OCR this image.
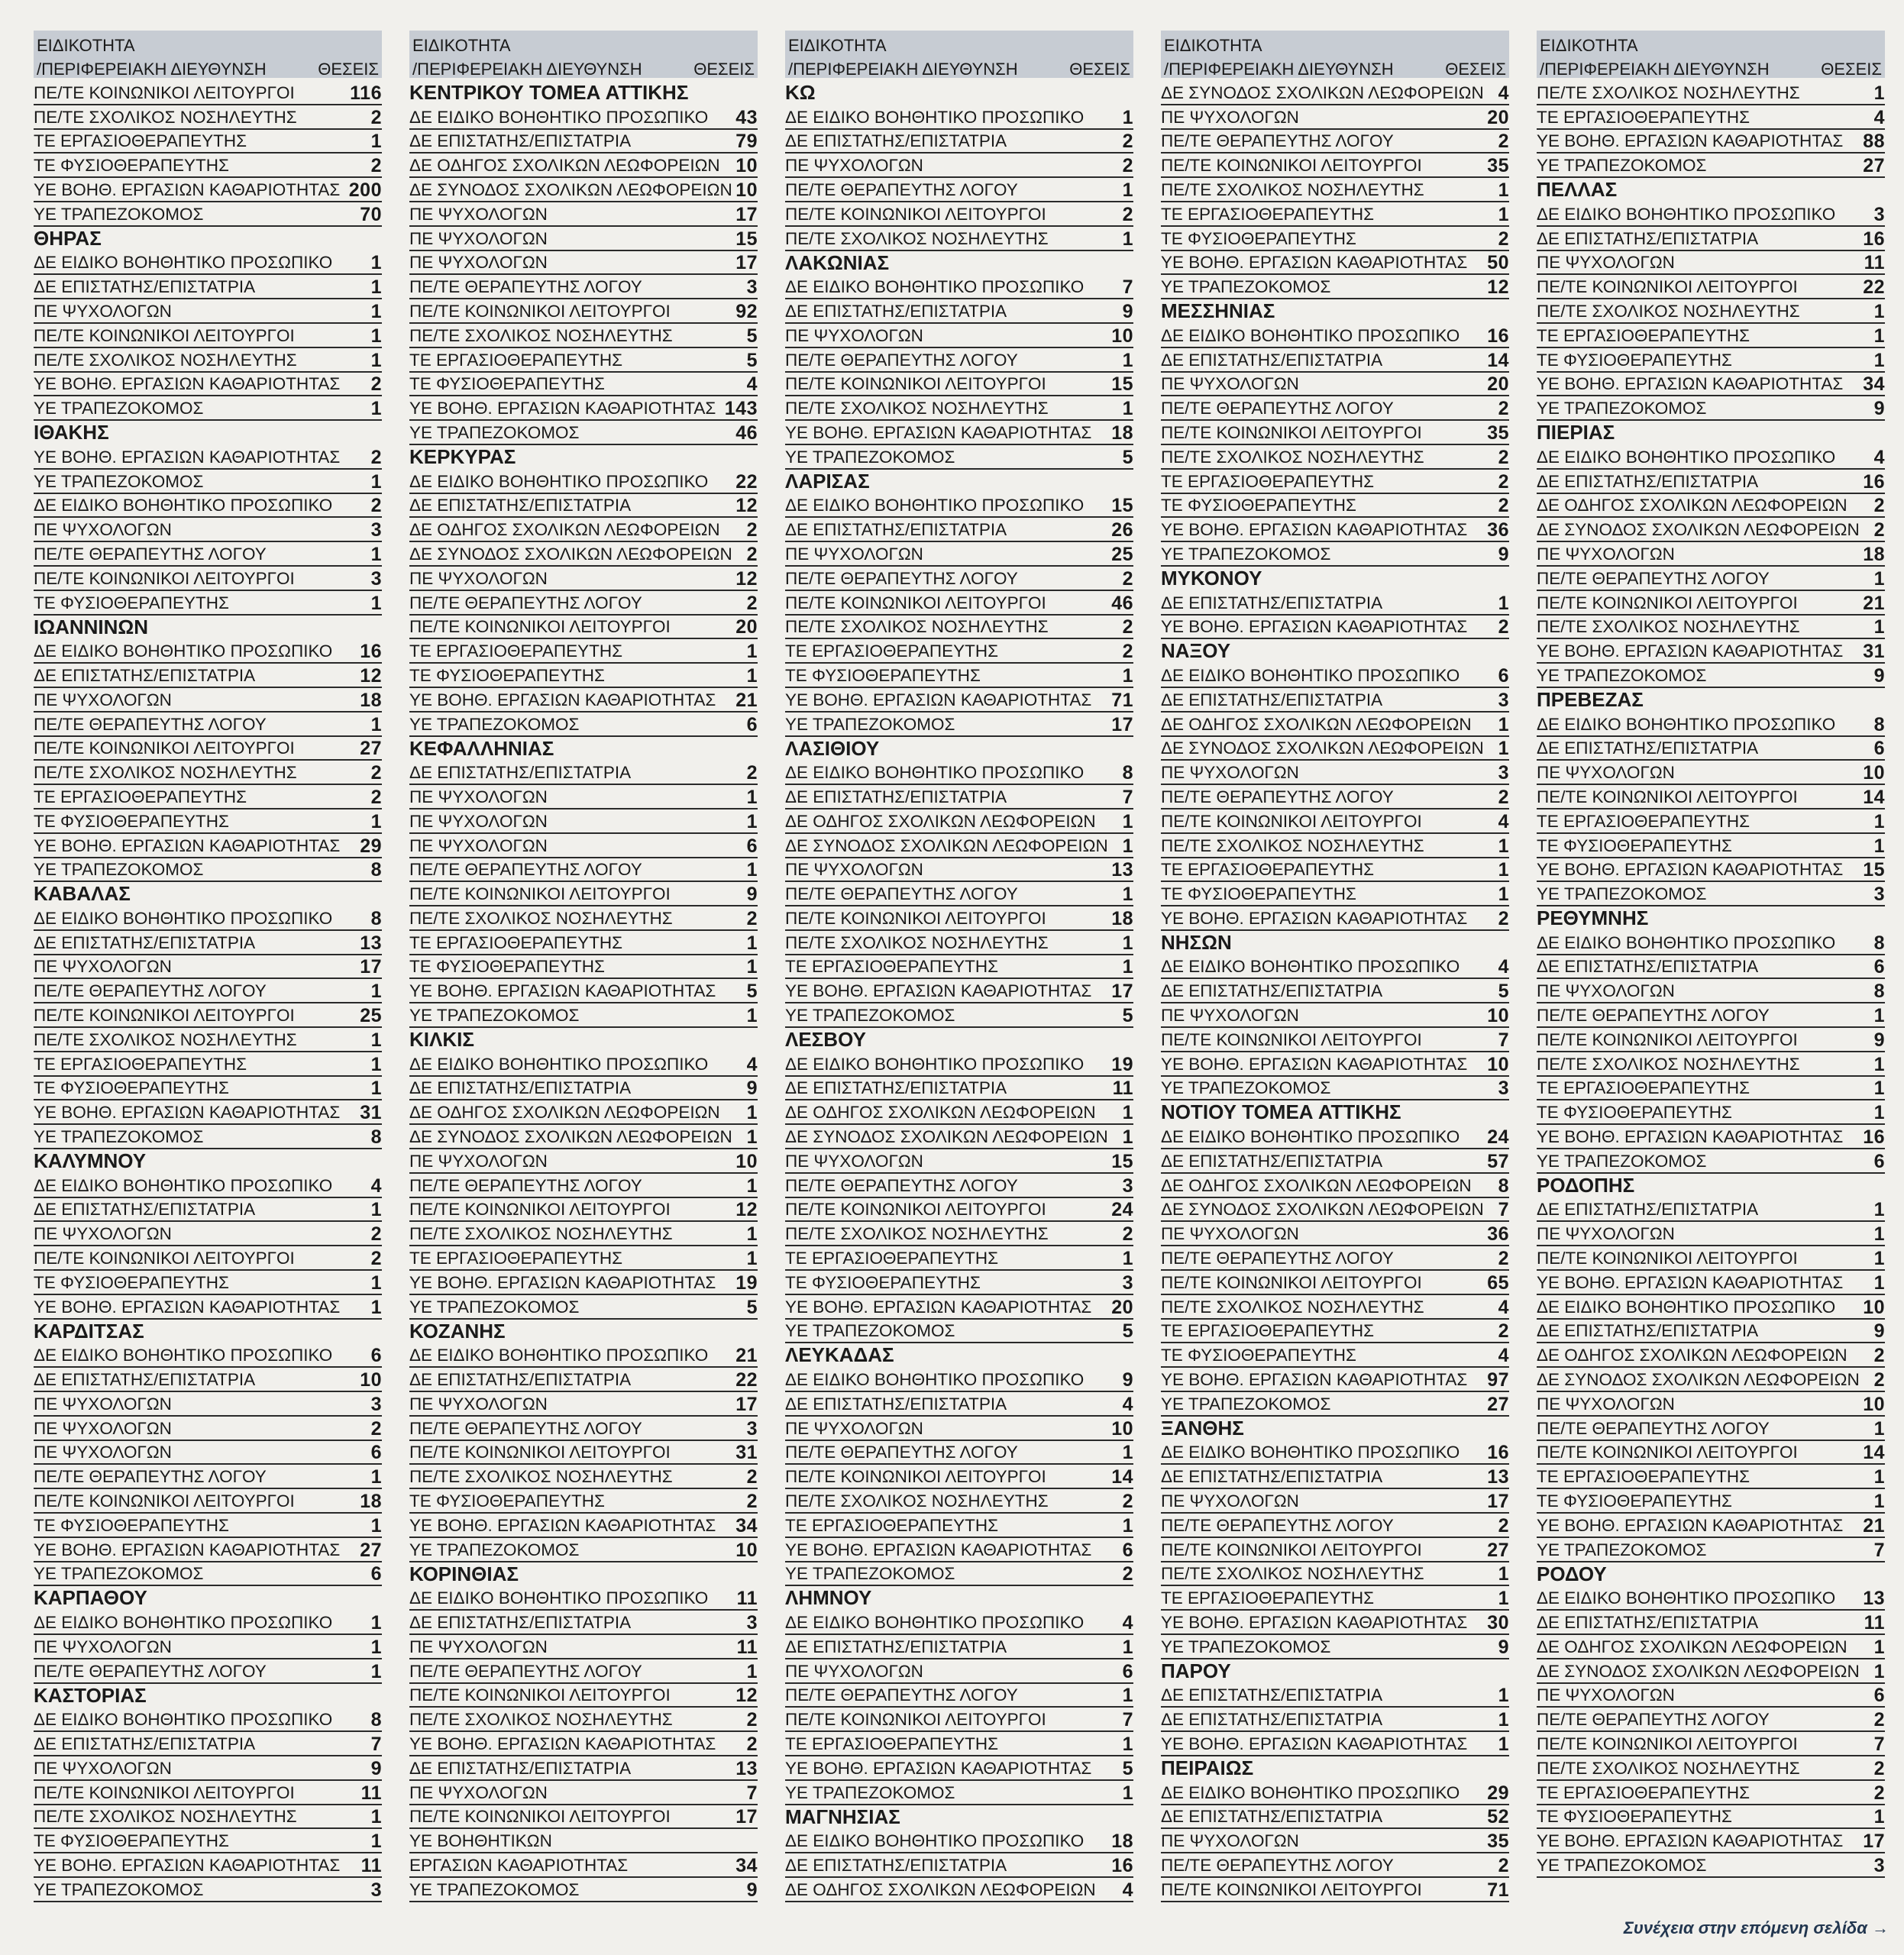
ΕΙΔΙΚΟΤΗΤΑ
/ΠΕΡΙΦΕΡΕΙΑΚΗ ΔΙΕΥΘΥΝΣΗ	ΘΕΣΕΙΣ
ΠΕ/ΤΕ ΚΟΙΝΩΝΙΚΟΙ ΛΕΙΤΟΥΡΓΟΙ	116
ΠΕ/ΤΕ ΣΧΟΛΙΚΟΣ ΝΟΣΗΛΕΥΤΗΣ	2
ΤΕ ΕΡΓΑΣΙΟΘΕΡΑΠΕΥΤΗΣ	1
ΤΕ ΦΥΣΙΟΘΕΡΑΠΕΥΤΗΣ	2
ΥΕ ΒΟΗΘ. ΕΡΓΑΣΙΩΝ ΚΑΘΑΡΙΟΤΗΤΑΣ 200
ΥΕ ΤΡΑΠΕΖΟΚΟΜΟΣ	70
ΘΗΡΑΣ
ΔΕ ΕΙΔΙΚΟ ΒΟΗΘΗΤΙΚΟ ΠΡΟΣΩΠΙΚΟ 1
ΔΕ ΕΠΙΣΤΑΤΗΣ/ΕΠΙΣΤΑΤΡΙΑ	1
ΠΕ ΨΥΧΟΛΟΓΩΝ	1
ΠΕ/ΤΕ ΚΟΙΝΩΝΙΚΟΙ ΛΕΙΤΟΥΡΓΟΙ	1
ΠΕ/ΤΕ ΣΧΟΛΙΚΟΣ ΝΟΣΗΛΕΥΤΗΣ	1
ΥΕ ΒΟΗΘ. ΕΡΓΑΣΙΩΝ ΚΑΘΑΡΙΟΤΗΤΑΣ 2
ΥΕ ΤΡΑΠΕΖΟΚΟΜΟΣ	1
ΙΘΑΚΗΣ
ΥΕ ΒΟΗΘ. ΕΡΓΑΣΙΩΝ ΚΑΘΑΡΙΟΤΗΤΑΣ 2
ΥΕ ΤΡΑΠΕΖΟΚΟΜΟΣ	1
ΔΕ ΕΙΔΙΚΟ ΒΟΗΘΗΤΙΚΟ ΠΡΟΣΩΠΙΚΟ 2
ΠΕ ΨΥΧΟΛΟΓΩΝ	3
ΠΕ/ΤΕ ΘΕΡΑΠΕΥΤΗΣ ΛΟΓΟΥ	1
ΠΕ/ΤΕ ΚΟΙΝΩΝΙΚΟΙ ΛΕΙΤΟΥΡΓΟΙ	3
ΤΕ ΦΥΣΙΟΘΕΡΑΠΕΥΤΗΣ	1
ΙΩΑΝΝΙΝΩΝ
ΔΕ ΕΙΔΙΚΟ ΒΟΗΘΗΤΙΚΟ ΠΡΟΣΩΠΙΚΟ 16
ΔΕ ΕΠΙΣΤΑΤΗΣ/ΕΠΙΣΤΑΤΡΙΑ	12
ΠΕ ΨΥΧΟΛΟΓΩΝ	18
ΠΕ/ΤΕ ΘΕΡΑΠΕΥΤΗΣ ΛΟΓΟΥ	1
ΠΕ/ΤΕ ΚΟΙΝΩΝΙΚΟΙ ΛΕΙΤΟΥΡΓΟΙ	27
ΠΕ/ΤΕ ΣΧΟΛΙΚΟΣ ΝΟΣΗΛΕΥΤΗΣ	2
ΤΕ ΕΡΓΑΣΙΟΘΕΡΑΠΕΥΤΗΣ	2
ΤΕ ΦΥΣΙΟΘΕΡΑΠΕΥΤΗΣ	1
ΥΕ ΒΟΗΘ. ΕΡΓΑΣΙΩΝ ΚΑΘΑΡΙΟΤΗΤΑΣ 29
ΥΕ ΤΡΑΠΕΖΟΚΟΜΟΣ	8
ΚΑΒΑΛΑΣ
ΔΕ ΕΙΔΙΚΟ ΒΟΗΘΗΤΙΚΟ ΠΡΟΣΩΠΙΚΟ 8
ΔΕ ΕΠΙΣΤΑΤΗΣ/ΕΠΙΣΤΑΤΡΙΑ	13
ΠΕ ΨΥΧΟΛΟΓΩΝ	17
ΠΕ/ΤΕ ΘΕΡΑΠΕΥΤΗΣ ΛΟΓΟΥ	1
ΠΕ/ΤΕ ΚΟΙΝΩΝΙΚΟΙ ΛΕΙΤΟΥΡΓΟΙ	25
ΠΕ/ΤΕ ΣΧΟΛΙΚΟΣ ΝΟΣΗΛΕΥΤΗΣ	1
ΤΕ ΕΡΓΑΣΙΟΘΕΡΑΠΕΥΤΗΣ	1
ΤΕ ΦΥΣΙΟΘΕΡΑΠΕΥΤΗΣ	1
ΥΕ ΒΟΗΘ. ΕΡΓΑΣΙΩΝ ΚΑΘΑΡΙΟΤΗΤΑΣ 31
ΥΕ ΤΡΑΠΕΖΟΚΟΜΟΣ	8
ΚΑΛΥΜΝΟΥ
ΔΕ ΕΙΔΙΚΟ ΒΟΗΘΗΤΙΚΟ ΠΡΟΣΩΠΙΚΟ 4
ΔΕ ΕΠΙΣΤΑΤΗΣ/ΕΠΙΣΤΑΤΡΙΑ	1
ΠΕ ΨΥΧΟΛΟΓΩΝ	2
ΠΕ/ΤΕ ΚΟΙΝΩΝΙΚΟΙ ΛΕΙΤΟΥΡΓΟΙ	2
ΤΕ ΦΥΣΙΟΘΕΡΑΠΕΥΤΗΣ	1
ΥΕ ΒΟΗΘ. ΕΡΓΑΣΙΩΝ ΚΑΘΑΡΙΟΤΗΤΑΣ 1
ΚΑΡΔΙΤΣΑΣ
ΔΕ ΕΙΔΙΚΟ ΒΟΗΘΗΤΙΚΟ ΠΡΟΣΩΠΙΚΟ 6
ΔΕ ΕΠΙΣΤΑΤΗΣ/ΕΠΙΣΤΑΤΡΙΑ	10
ΠΕ ΨΥΧΟΛΟΓΩΝ	3
ΠΕ ΨΥΧΟΛΟΓΩΝ	2
ΠΕ ΨΥΧΟΛΟΓΩΝ	6
ΠΕ/ΤΕ ΘΕΡΑΠΕΥΤΗΣ ΛΟΓΟΥ	1
ΠΕ/ΤΕ ΚΟΙΝΩΝΙΚΟΙ ΛΕΙΤΟΥΡΓΟΙ	18
ΤΕ ΦΥΣΙΟΘΕΡΑΠΕΥΤΗΣ	1
ΥΕ ΒΟΗΘ. ΕΡΓΑΣΙΩΝ ΚΑΘΑΡΙΟΤΗΤΑΣ 27
ΥΕ ΤΡΑΠΕΖΟΚΟΜΟΣ	6
ΚΑΡΠΑΘΟΥ
ΔΕ ΕΙΔΙΚΟ ΒΟΗΘΗΤΙΚΟ ΠΡΟΣΩΠΙΚΟ 1
ΠΕ ΨΥΧΟΛΟΓΩΝ	1
ΠΕ/ΤΕ ΘΕΡΑΠΕΥΤΗΣ ΛΟΓΟΥ	1
ΚΑΣΤΟΡΙΑΣ
ΔΕ ΕΙΔΙΚΟ ΒΟΗΘΗΤΙΚΟ ΠΡΟΣΩΠΙΚΟ 8
ΔΕ ΕΠΙΣΤΑΤΗΣ/ΕΠΙΣΤΑΤΡΙΑ	7
ΠΕ ΨΥΧΟΛΟΓΩΝ	9
ΠΕ/ΤΕ ΚΟΙΝΩΝΙΚΟΙ ΛΕΙΤΟΥΡΓΟΙ	11
ΠΕ/ΤΕ ΣΧΟΛΙΚΟΣ ΝΟΣΗΛΕΥΤΗΣ	1
ΤΕ ΦΥΣΙΟΘΕΡΑΠΕΥΤΗΣ	1
ΥΕ ΒΟΗΘ. ΕΡΓΑΣΙΩΝ ΚΑΘΑΡΙΟΤΗΤΑΣ 11
ΥΕ ΤΡΑΠΕΖΟΚΟΜΟΣ	3
ΕΙΔΙΚΟΤΗΤΑ
/ΠΕΡΙΦΕΡΕΙΑΚΗ ΔΙΕΥΘΥΝΣΗ	ΘΕΣΕΙΣ
ΚΕΝΤΡΙΚΟΥ ΤΟΜΕΑ ΑΤΤΙΚΗΣ
ΔΕ ΕΙΔΙΚΟ ΒΟΗΘΗΤΙΚΟ ΠΡΟΣΩΠΙΚΟ 43
ΔΕ ΕΠΙΣΤΑΤΗΣ/ΕΠΙΣΤΑΤΡΙΑ	79
ΔΕ ΟΔΗΓΟΣ ΣΧΟΛΙΚΩΝ ΛΕΩΦΟΡΕΙΩΝ 10
ΔΕ ΣΥΝΟΔΟΣ ΣΧΟΛΙΚΩΝ ΛΕΩΦΟΡΕΙΩΝ 10
ΠΕ ΨΥΧΟΛΟΓΩΝ	17
ΠΕ ΨΥΧΟΛΟΓΩΝ	15
ΠΕ ΨΥΧΟΛΟΓΩΝ	17
ΠΕ/ΤΕ ΘΕΡΑΠΕΥΤΗΣ ΛΟΓΟΥ	3
ΠΕ/ΤΕ ΚΟΙΝΩΝΙΚΟΙ ΛΕΙΤΟΥΡΓΟΙ	92
ΠΕ/ΤΕ ΣΧΟΛΙΚΟΣ ΝΟΣΗΛΕΥΤΗΣ	5
ΤΕ ΕΡΓΑΣΙΟΘΕΡΑΠΕΥΤΗΣ	5
ΤΕ ΦΥΣΙΟΘΕΡΑΠΕΥΤΗΣ	4
ΥΕ ΒΟΗΘ. ΕΡΓΑΣΙΩΝ ΚΑΘΑΡΙΟΤΗΤΑΣ 143
ΥΕ ΤΡΑΠΕΖΟΚΟΜΟΣ	46
ΚΕΡΚΥΡΑΣ
ΔΕ ΕΙΔΙΚΟ ΒΟΗΘΗΤΙΚΟ ΠΡΟΣΩΠΙΚΟ 22
ΔΕ ΕΠΙΣΤΑΤΗΣ/ΕΠΙΣΤΑΤΡΙΑ	12
ΔΕ ΟΔΗΓΟΣ ΣΧΟΛΙΚΩΝ ΛΕΩΦΟΡΕΙΩΝ 2
ΔΕ ΣΥΝΟΔΟΣ ΣΧΟΛΙΚΩΝ ΛΕΩΦΟΡΕΙΩΝ 2
ΠΕ ΨΥΧΟΛΟΓΩΝ	12
ΠΕ/ΤΕ ΘΕΡΑΠΕΥΤΗΣ ΛΟΓΟΥ	2
ΠΕ/ΤΕ ΚΟΙΝΩΝΙΚΟΙ ΛΕΙΤΟΥΡΓΟΙ	20
ΤΕ ΕΡΓΑΣΙΟΘΕΡΑΠΕΥΤΗΣ	1
ΤΕ ΦΥΣΙΟΘΕΡΑΠΕΥΤΗΣ	1
ΥΕ ΒΟΗΘ. ΕΡΓΑΣΙΩΝ ΚΑΘΑΡΙΟΤΗΤΑΣ 21
ΥΕ ΤΡΑΠΕΖΟΚΟΜΟΣ	6
ΚΕΦΑΛΛΗΝΙΑΣ
ΔΕ ΕΠΙΣΤΑΤΗΣ/ΕΠΙΣΤΑΤΡΙΑ	2
ΠΕ ΨΥΧΟΛΟΓΩΝ	1
ΠΕ ΨΥΧΟΛΟΓΩΝ	1
ΠΕ ΨΥΧΟΛΟΓΩΝ	6
ΠΕ/ΤΕ ΘΕΡΑΠΕΥΤΗΣ ΛΟΓΟΥ	1
ΠΕ/ΤΕ ΚΟΙΝΩΝΙΚΟΙ ΛΕΙΤΟΥΡΓΟΙ	9
ΠΕ/ΤΕ ΣΧΟΛΙΚΟΣ ΝΟΣΗΛΕΥΤΗΣ	2
ΤΕ ΕΡΓΑΣΙΟΘΕΡΑΠΕΥΤΗΣ	1
ΤΕ ΦΥΣΙΟΘΕΡΑΠΕΥΤΗΣ	1
ΥΕ ΒΟΗΘ. ΕΡΓΑΣΙΩΝ ΚΑΘΑΡΙΟΤΗΤΑΣ 5
ΥΕ ΤΡΑΠΕΖΟΚΟΜΟΣ	1
ΚΙΛΚΙΣ
ΔΕ ΕΙΔΙΚΟ ΒΟΗΘΗΤΙΚΟ ΠΡΟΣΩΠΙΚΟ 4
ΔΕ ΕΠΙΣΤΑΤΗΣ/ΕΠΙΣΤΑΤΡΙΑ	9
ΔΕ ΟΔΗΓΟΣ ΣΧΟΛΙΚΩΝ ΛΕΩΦΟΡΕΙΩΝ 1
ΔΕ ΣΥΝΟΔΟΣ ΣΧΟΛΙΚΩΝ ΛΕΩΦΟΡΕΙΩΝ 1
ΠΕ ΨΥΧΟΛΟΓΩΝ	10
ΠΕ/ΤΕ ΘΕΡΑΠΕΥΤΗΣ ΛΟΓΟΥ	1
ΠΕ/ΤΕ ΚΟΙΝΩΝΙΚΟΙ ΛΕΙΤΟΥΡΓΟΙ	12
ΠΕ/ΤΕ ΣΧΟΛΙΚΟΣ ΝΟΣΗΛΕΥΤΗΣ	1
ΤΕ ΕΡΓΑΣΙΟΘΕΡΑΠΕΥΤΗΣ	1
ΥΕ ΒΟΗΘ. ΕΡΓΑΣΙΩΝ ΚΑΘΑΡΙΟΤΗΤΑΣ 19
ΥΕ ΤΡΑΠΕΖΟΚΟΜΟΣ	5
ΚΟΖΑΝΗΣ
ΔΕ ΕΙΔΙΚΟ ΒΟΗΘΗΤΙΚΟ ΠΡΟΣΩΠΙΚΟ 21
ΔΕ ΕΠΙΣΤΑΤΗΣ/ΕΠΙΣΤΑΤΡΙΑ	22
ΠΕ ΨΥΧΟΛΟΓΩΝ	17
ΠΕ/ΤΕ ΘΕΡΑΠΕΥΤΗΣ ΛΟΓΟΥ	3
ΠΕ/ΤΕ ΚΟΙΝΩΝΙΚΟΙ ΛΕΙΤΟΥΡΓΟΙ	31
ΠΕ/ΤΕ ΣΧΟΛΙΚΟΣ ΝΟΣΗΛΕΥΤΗΣ	2
ΤΕ ΦΥΣΙΟΘΕΡΑΠΕΥΤΗΣ	2
ΥΕ ΒΟΗΘ. ΕΡΓΑΣΙΩΝ ΚΑΘΑΡΙΟΤΗΤΑΣ 34
ΥΕ ΤΡΑΠΕΖΟΚΟΜΟΣ	10
ΚΟΡΙΝΘΙΑΣ
ΔΕ ΕΙΔΙΚΟ ΒΟΗΘΗΤΙΚΟ ΠΡΟΣΩΠΙΚΟ 11
ΔΕ ΕΠΙΣΤΑΤΗΣ/ΕΠΙΣΤΑΤΡΙΑ	3
ΠΕ ΨΥΧΟΛΟΓΩΝ	11
ΠΕ/ΤΕ ΘΕΡΑΠΕΥΤΗΣ ΛΟΓΟΥ	1
ΠΕ/ΤΕ ΚΟΙΝΩΝΙΚΟΙ ΛΕΙΤΟΥΡΓΟΙ	12
ΠΕ/ΤΕ ΣΧΟΛΙΚΟΣ ΝΟΣΗΛΕΥΤΗΣ	2
ΥΕ ΒΟΗΘ. ΕΡΓΑΣΙΩΝ ΚΑΘΑΡΙΟΤΗΤΑΣ 2
ΔΕ ΕΠΙΣΤΑΤΗΣ/ΕΠΙΣΤΑΤΡΙΑ	13
ΠΕ ΨΥΧΟΛΟΓΩΝ	7
ΠΕ/ΤΕ ΚΟΙΝΩΝΙΚΟΙ ΛΕΙΤΟΥΡΓΟΙ	17
ΥΕ ΒΟΗΘΗΤΙΚΩΝ
ΕΡΓΑΣΙΩΝ ΚΑΘΑΡΙΟΤΗΤΑΣ	34
ΥΕ ΤΡΑΠΕΖΟΚΟΜΟΣ	9
ΕΙΔΙΚΟΤΗΤΑ
/ΠΕΡΙΦΕΡΕΙΑΚΗ ΔΙΕΥΘΥΝΣΗ	ΘΕΣΕΙΣ
ΚΩ
ΔΕ ΕΙΔΙΚΟ ΒΟΗΘΗΤΙΚΟ ΠΡΟΣΩΠΙΚΟ 1
ΔΕ ΕΠΙΣΤΑΤΗΣ/ΕΠΙΣΤΑΤΡΙΑ	2
ΠΕ ΨΥΧΟΛΟΓΩΝ	2
ΠΕ/ΤΕ ΘΕΡΑΠΕΥΤΗΣ ΛΟΓΟΥ	1
ΠΕ/ΤΕ ΚΟΙΝΩΝΙΚΟΙ ΛΕΙΤΟΥΡΓΟΙ	2
ΠΕ/ΤΕ ΣΧΟΛΙΚΟΣ ΝΟΣΗΛΕΥΤΗΣ	1
ΛΑΚΩΝΙΑΣ
ΔΕ ΕΙΔΙΚΟ ΒΟΗΘΗΤΙΚΟ ΠΡΟΣΩΠΙΚΟ 7
ΔΕ ΕΠΙΣΤΑΤΗΣ/ΕΠΙΣΤΑΤΡΙΑ	9
ΠΕ ΨΥΧΟΛΟΓΩΝ	10
ΠΕ/ΤΕ ΘΕΡΑΠΕΥΤΗΣ ΛΟΓΟΥ	1
ΠΕ/ΤΕ ΚΟΙΝΩΝΙΚΟΙ ΛΕΙΤΟΥΡΓΟΙ	15
ΠΕ/ΤΕ ΣΧΟΛΙΚΟΣ ΝΟΣΗΛΕΥΤΗΣ	1
ΥΕ ΒΟΗΘ. ΕΡΓΑΣΙΩΝ ΚΑΘΑΡΙΟΤΗΤΑΣ 18
ΥΕ ΤΡΑΠΕΖΟΚΟΜΟΣ	5
ΛΑΡΙΣΑΣ
ΔΕ ΕΙΔΙΚΟ ΒΟΗΘΗΤΙΚΟ ΠΡΟΣΩΠΙΚΟ 15
ΔΕ ΕΠΙΣΤΑΤΗΣ/ΕΠΙΣΤΑΤΡΙΑ	26
ΠΕ ΨΥΧΟΛΟΓΩΝ	25
ΠΕ/ΤΕ ΘΕΡΑΠΕΥΤΗΣ ΛΟΓΟΥ	2
ΠΕ/ΤΕ ΚΟΙΝΩΝΙΚΟΙ ΛΕΙΤΟΥΡΓΟΙ	46
ΠΕ/ΤΕ ΣΧΟΛΙΚΟΣ ΝΟΣΗΛΕΥΤΗΣ	2
ΤΕ ΕΡΓΑΣΙΟΘΕΡΑΠΕΥΤΗΣ	2
ΤΕ ΦΥΣΙΟΘΕΡΑΠΕΥΤΗΣ	1
ΥΕ ΒΟΗΘ. ΕΡΓΑΣΙΩΝ ΚΑΘΑΡΙΟΤΗΤΑΣ 71
ΥΕ ΤΡΑΠΕΖΟΚΟΜΟΣ	17
ΛΑΣΙΘΙΟΥ
ΔΕ ΕΙΔΙΚΟ ΒΟΗΘΗΤΙΚΟ ΠΡΟΣΩΠΙΚΟ 8
ΔΕ ΕΠΙΣΤΑΤΗΣ/ΕΠΙΣΤΑΤΡΙΑ	7
ΔΕ ΟΔΗΓΟΣ ΣΧΟΛΙΚΩΝ ΛΕΩΦΟΡΕΙΩΝ 1
ΔΕ ΣΥΝΟΔΟΣ ΣΧΟΛΙΚΩΝ ΛΕΩΦΟΡΕΙΩΝ 1
ΠΕ ΨΥΧΟΛΟΓΩΝ	13
ΠΕ/ΤΕ ΘΕΡΑΠΕΥΤΗΣ ΛΟΓΟΥ	1
ΠΕ/ΤΕ ΚΟΙΝΩΝΙΚΟΙ ΛΕΙΤΟΥΡΓΟΙ	18
ΠΕ/ΤΕ ΣΧΟΛΙΚΟΣ ΝΟΣΗΛΕΥΤΗΣ	1
ΤΕ ΕΡΓΑΣΙΟΘΕΡΑΠΕΥΤΗΣ	1
ΥΕ ΒΟΗΘ. ΕΡΓΑΣΙΩΝ ΚΑΘΑΡΙΟΤΗΤΑΣ 17
ΥΕ ΤΡΑΠΕΖΟΚΟΜΟΣ	5
ΛΕΣΒΟΥ
ΔΕ ΕΙΔΙΚΟ ΒΟΗΘΗΤΙΚΟ ΠΡΟΣΩΠΙΚΟ 19
ΔΕ ΕΠΙΣΤΑΤΗΣ/ΕΠΙΣΤΑΤΡΙΑ	11
ΔΕ ΟΔΗΓΟΣ ΣΧΟΛΙΚΩΝ ΛΕΩΦΟΡΕΙΩΝ 1
ΔΕ ΣΥΝΟΔΟΣ ΣΧΟΛΙΚΩΝ ΛΕΩΦΟΡΕΙΩΝ 1
ΠΕ ΨΥΧΟΛΟΓΩΝ	15
ΠΕ/ΤΕ ΘΕΡΑΠΕΥΤΗΣ ΛΟΓΟΥ	3
ΠΕ/ΤΕ ΚΟΙΝΩΝΙΚΟΙ ΛΕΙΤΟΥΡΓΟΙ	24
ΠΕ/ΤΕ ΣΧΟΛΙΚΟΣ ΝΟΣΗΛΕΥΤΗΣ	2
ΤΕ ΕΡΓΑΣΙΟΘΕΡΑΠΕΥΤΗΣ	1
ΤΕ ΦΥΣΙΟΘΕΡΑΠΕΥΤΗΣ	3
ΥΕ ΒΟΗΘ. ΕΡΓΑΣΙΩΝ ΚΑΘΑΡΙΟΤΗΤΑΣ 20
ΥΕ ΤΡΑΠΕΖΟΚΟΜΟΣ	5
ΛΕΥΚΑΔΑΣ
ΔΕ ΕΙΔΙΚΟ ΒΟΗΘΗΤΙΚΟ ΠΡΟΣΩΠΙΚΟ 9
ΔΕ ΕΠΙΣΤΑΤΗΣ/ΕΠΙΣΤΑΤΡΙΑ	4
ΠΕ ΨΥΧΟΛΟΓΩΝ	10
ΠΕ/ΤΕ ΘΕΡΑΠΕΥΤΗΣ ΛΟΓΟΥ	1
ΠΕ/ΤΕ ΚΟΙΝΩΝΙΚΟΙ ΛΕΙΤΟΥΡΓΟΙ	14
ΠΕ/ΤΕ ΣΧΟΛΙΚΟΣ ΝΟΣΗΛΕΥΤΗΣ	2
ΤΕ ΕΡΓΑΣΙΟΘΕΡΑΠΕΥΤΗΣ	1
ΥΕ ΒΟΗΘ. ΕΡΓΑΣΙΩΝ ΚΑΘΑΡΙΟΤΗΤΑΣ 6
ΥΕ ΤΡΑΠΕΖΟΚΟΜΟΣ	2
ΛΗΜΝΟΥ
ΔΕ ΕΙΔΙΚΟ ΒΟΗΘΗΤΙΚΟ ΠΡΟΣΩΠΙΚΟ 4
ΔΕ ΕΠΙΣΤΑΤΗΣ/ΕΠΙΣΤΑΤΡΙΑ	1
ΠΕ ΨΥΧΟΛΟΓΩΝ	6
ΠΕ/ΤΕ ΘΕΡΑΠΕΥΤΗΣ ΛΟΓΟΥ	1
ΠΕ/ΤΕ ΚΟΙΝΩΝΙΚΟΙ ΛΕΙΤΟΥΡΓΟΙ	7
ΤΕ ΕΡΓΑΣΙΟΘΕΡΑΠΕΥΤΗΣ	1
ΥΕ ΒΟΗΘ. ΕΡΓΑΣΙΩΝ ΚΑΘΑΡΙΟΤΗΤΑΣ 5
ΥΕ ΤΡΑΠΕΖΟΚΟΜΟΣ	1
ΜΑΓΝΗΣΙΑΣ
ΔΕ ΕΙΔΙΚΟ ΒΟΗΘΗΤΙΚΟ ΠΡΟΣΩΠΙΚΟ 18
ΔΕ ΕΠΙΣΤΑΤΗΣ/ΕΠΙΣΤΑΤΡΙΑ	16
ΔΕ ΟΔΗΓΟΣ ΣΧΟΛΙΚΩΝ ΛΕΩΦΟΡΕΙΩΝ 4
ΕΙΔΙΚΟΤΗΤΑ
/ΠΕΡΙΦΕΡΕΙΑΚΗ ΔΙΕΥΘΥΝΣΗ	ΘΕΣΕΙΣ
ΔΕ ΣΥΝΟΔΟΣ ΣΧΟΛΙΚΩΝ ΛΕΩΦΟΡΕΙΩΝ 4
ΠΕ ΨΥΧΟΛΟΓΩΝ	20
ΠΕ/ΤΕ ΘΕΡΑΠΕΥΤΗΣ ΛΟΓΟΥ	2
ΠΕ/ΤΕ ΚΟΙΝΩΝΙΚΟΙ ΛΕΙΤΟΥΡΓΟΙ	35
ΠΕ/ΤΕ ΣΧΟΛΙΚΟΣ ΝΟΣΗΛΕΥΤΗΣ	1
ΤΕ ΕΡΓΑΣΙΟΘΕΡΑΠΕΥΤΗΣ	1
ΤΕ ΦΥΣΙΟΘΕΡΑΠΕΥΤΗΣ	2
ΥΕ ΒΟΗΘ. ΕΡΓΑΣΙΩΝ ΚΑΘΑΡΙΟΤΗΤΑΣ 50
ΥΕ ΤΡΑΠΕΖΟΚΟΜΟΣ	12
ΜΕΣΣΗΝΙΑΣ
ΔΕ ΕΙΔΙΚΟ ΒΟΗΘΗΤΙΚΟ ΠΡΟΣΩΠΙΚΟ 16
ΔΕ ΕΠΙΣΤΑΤΗΣ/ΕΠΙΣΤΑΤΡΙΑ	14
ΠΕ ΨΥΧΟΛΟΓΩΝ	20
ΠΕ/ΤΕ ΘΕΡΑΠΕΥΤΗΣ ΛΟΓΟΥ	2
ΠΕ/ΤΕ ΚΟΙΝΩΝΙΚΟΙ ΛΕΙΤΟΥΡΓΟΙ	35
ΠΕ/ΤΕ ΣΧΟΛΙΚΟΣ ΝΟΣΗΛΕΥΤΗΣ	2
ΤΕ ΕΡΓΑΣΙΟΘΕΡΑΠΕΥΤΗΣ	2
ΤΕ ΦΥΣΙΟΘΕΡΑΠΕΥΤΗΣ	2
ΥΕ ΒΟΗΘ. ΕΡΓΑΣΙΩΝ ΚΑΘΑΡΙΟΤΗΤΑΣ 36
ΥΕ ΤΡΑΠΕΖΟΚΟΜΟΣ	9
ΜΥΚΟΝΟΥ
ΔΕ ΕΠΙΣΤΑΤΗΣ/ΕΠΙΣΤΑΤΡΙΑ	1
ΥΕ ΒΟΗΘ. ΕΡΓΑΣΙΩΝ ΚΑΘΑΡΙΟΤΗΤΑΣ 2
ΝΑΞΟΥ
ΔΕ ΕΙΔΙΚΟ ΒΟΗΘΗΤΙΚΟ ΠΡΟΣΩΠΙΚΟ 6
ΔΕ ΕΠΙΣΤΑΤΗΣ/ΕΠΙΣΤΑΤΡΙΑ	3
ΔΕ ΟΔΗΓΟΣ ΣΧΟΛΙΚΩΝ ΛΕΩΦΟΡΕΙΩΝ 1
ΔΕ ΣΥΝΟΔΟΣ ΣΧΟΛΙΚΩΝ ΛΕΩΦΟΡΕΙΩΝ 1
ΠΕ ΨΥΧΟΛΟΓΩΝ	3
ΠΕ/ΤΕ ΘΕΡΑΠΕΥΤΗΣ ΛΟΓΟΥ	2
ΠΕ/ΤΕ ΚΟΙΝΩΝΙΚΟΙ ΛΕΙΤΟΥΡΓΟΙ	4
ΠΕ/ΤΕ ΣΧΟΛΙΚΟΣ ΝΟΣΗΛΕΥΤΗΣ	1
ΤΕ ΕΡΓΑΣΙΟΘΕΡΑΠΕΥΤΗΣ	1
ΤΕ ΦΥΣΙΟΘΕΡΑΠΕΥΤΗΣ	1
ΥΕ ΒΟΗΘ. ΕΡΓΑΣΙΩΝ ΚΑΘΑΡΙΟΤΗΤΑΣ 2
ΝΗΣΩΝ
ΔΕ ΕΙΔΙΚΟ ΒΟΗΘΗΤΙΚΟ ΠΡΟΣΩΠΙΚΟ 4
ΔΕ ΕΠΙΣΤΑΤΗΣ/ΕΠΙΣΤΑΤΡΙΑ	5
ΠΕ ΨΥΧΟΛΟΓΩΝ	10
ΠΕ/ΤΕ ΚΟΙΝΩΝΙΚΟΙ ΛΕΙΤΟΥΡΓΟΙ	7
ΥΕ ΒΟΗΘ. ΕΡΓΑΣΙΩΝ ΚΑΘΑΡΙΟΤΗΤΑΣ 10
ΥΕ ΤΡΑΠΕΖΟΚΟΜΟΣ	3
ΝΟΤΙΟΥ ΤΟΜΕΑ ΑΤΤΙΚΗΣ
ΔΕ ΕΙΔΙΚΟ ΒΟΗΘΗΤΙΚΟ ΠΡΟΣΩΠΙΚΟ 24
ΔΕ ΕΠΙΣΤΑΤΗΣ/ΕΠΙΣΤΑΤΡΙΑ	57
ΔΕ ΟΔΗΓΟΣ ΣΧΟΛΙΚΩΝ ΛΕΩΦΟΡΕΙΩΝ 8
ΔΕ ΣΥΝΟΔΟΣ ΣΧΟΛΙΚΩΝ ΛΕΩΦΟΡΕΙΩΝ 7
ΠΕ ΨΥΧΟΛΟΓΩΝ	36
ΠΕ/ΤΕ ΘΕΡΑΠΕΥΤΗΣ ΛΟΓΟΥ	2
ΠΕ/ΤΕ ΚΟΙΝΩΝΙΚΟΙ ΛΕΙΤΟΥΡΓΟΙ	65
ΠΕ/ΤΕ ΣΧΟΛΙΚΟΣ ΝΟΣΗΛΕΥΤΗΣ	4
ΤΕ ΕΡΓΑΣΙΟΘΕΡΑΠΕΥΤΗΣ	2
ΤΕ ΦΥΣΙΟΘΕΡΑΠΕΥΤΗΣ	4
ΥΕ ΒΟΗΘ. ΕΡΓΑΣΙΩΝ ΚΑΘΑΡΙΟΤΗΤΑΣ 97
ΥΕ ΤΡΑΠΕΖΟΚΟΜΟΣ	27
ΞΑΝΘΗΣ
ΔΕ ΕΙΔΙΚΟ ΒΟΗΘΗΤΙΚΟ ΠΡΟΣΩΠΙΚΟ 16
ΔΕ ΕΠΙΣΤΑΤΗΣ/ΕΠΙΣΤΑΤΡΙΑ	13
ΠΕ ΨΥΧΟΛΟΓΩΝ	17
ΠΕ/ΤΕ ΘΕΡΑΠΕΥΤΗΣ ΛΟΓΟΥ	2
ΠΕ/ΤΕ ΚΟΙΝΩΝΙΚΟΙ ΛΕΙΤΟΥΡΓΟΙ	27
ΠΕ/ΤΕ ΣΧΟΛΙΚΟΣ ΝΟΣΗΛΕΥΤΗΣ	1
ΤΕ ΕΡΓΑΣΙΟΘΕΡΑΠΕΥΤΗΣ	1
ΥΕ ΒΟΗΘ. ΕΡΓΑΣΙΩΝ ΚΑΘΑΡΙΟΤΗΤΑΣ 30
ΥΕ ΤΡΑΠΕΖΟΚΟΜΟΣ	9
ΠΑΡΟΥ
ΔΕ ΕΠΙΣΤΑΤΗΣ/ΕΠΙΣΤΑΤΡΙΑ	1
ΔΕ ΕΠΙΣΤΑΤΗΣ/ΕΠΙΣΤΑΤΡΙΑ	1
ΥΕ ΒΟΗΘ. ΕΡΓΑΣΙΩΝ ΚΑΘΑΡΙΟΤΗΤΑΣ 1
ΠΕΙΡΑΙΩΣ
ΔΕ ΕΙΔΙΚΟ ΒΟΗΘΗΤΙΚΟ ΠΡΟΣΩΠΙΚΟ 29
ΔΕ ΕΠΙΣΤΑΤΗΣ/ΕΠΙΣΤΑΤΡΙΑ	52
ΠΕ ΨΥΧΟΛΟΓΩΝ	35
ΠΕ/ΤΕ ΘΕΡΑΠΕΥΤΗΣ ΛΟΓΟΥ	2
ΠΕ/ΤΕ ΚΟΙΝΩΝΙΚΟΙ ΛΕΙΤΟΥΡΓΟΙ	71
ΕΙΔΙΚΟΤΗΤΑ
/ΠΕΡΙΦΕΡΕΙΑΚΗ ΔΙΕΥΘΥΝΣΗ	ΘΕΣΕΙΣ
ΠΕ/ΤΕ ΣΧΟΛΙΚΟΣ ΝΟΣΗΛΕΥΤΗΣ	1
ΤΕ ΕΡΓΑΣΙΟΘΕΡΑΠΕΥΤΗΣ	4
ΥΕ ΒΟΗΘ. ΕΡΓΑΣΙΩΝ ΚΑΘΑΡΙΟΤΗΤΑΣ 88
ΥΕ ΤΡΑΠΕΖΟΚΟΜΟΣ	27
ΠΕΛΛΑΣ
ΔΕ ΕΙΔΙΚΟ ΒΟΗΘΗΤΙΚΟ ΠΡΟΣΩΠΙΚΟ 3
ΔΕ ΕΠΙΣΤΑΤΗΣ/ΕΠΙΣΤΑΤΡΙΑ	16
ΠΕ ΨΥΧΟΛΟΓΩΝ	11
ΠΕ/ΤΕ ΚΟΙΝΩΝΙΚΟΙ ΛΕΙΤΟΥΡΓΟΙ	22
ΠΕ/ΤΕ ΣΧΟΛΙΚΟΣ ΝΟΣΗΛΕΥΤΗΣ	1
ΤΕ ΕΡΓΑΣΙΟΘΕΡΑΠΕΥΤΗΣ	1
ΤΕ ΦΥΣΙΟΘΕΡΑΠΕΥΤΗΣ	1
ΥΕ ΒΟΗΘ. ΕΡΓΑΣΙΩΝ ΚΑΘΑΡΙΟΤΗΤΑΣ 34
ΥΕ ΤΡΑΠΕΖΟΚΟΜΟΣ	9
ΠΙΕΡΙΑΣ
ΔΕ ΕΙΔΙΚΟ ΒΟΗΘΗΤΙΚΟ ΠΡΟΣΩΠΙΚΟ 4
ΔΕ ΕΠΙΣΤΑΤΗΣ/ΕΠΙΣΤΑΤΡΙΑ	16
ΔΕ ΟΔΗΓΟΣ ΣΧΟΛΙΚΩΝ ΛΕΩΦΟΡΕΙΩΝ 2
ΔΕ ΣΥΝΟΔΟΣ ΣΧΟΛΙΚΩΝ ΛΕΩΦΟΡΕΙΩΝ 2
ΠΕ ΨΥΧΟΛΟΓΩΝ	18
ΠΕ/ΤΕ ΘΕΡΑΠΕΥΤΗΣ ΛΟΓΟΥ	1
ΠΕ/ΤΕ ΚΟΙΝΩΝΙΚΟΙ ΛΕΙΤΟΥΡΓΟΙ	21
ΠΕ/ΤΕ ΣΧΟΛΙΚΟΣ ΝΟΣΗΛΕΥΤΗΣ	1
ΥΕ ΒΟΗΘ. ΕΡΓΑΣΙΩΝ ΚΑΘΑΡΙΟΤΗΤΑΣ 31
ΥΕ ΤΡΑΠΕΖΟΚΟΜΟΣ	9
ΠΡΕΒΕΖΑΣ
ΔΕ ΕΙΔΙΚΟ ΒΟΗΘΗΤΙΚΟ ΠΡΟΣΩΠΙΚΟ 8
ΔΕ ΕΠΙΣΤΑΤΗΣ/ΕΠΙΣΤΑΤΡΙΑ	6
ΠΕ ΨΥΧΟΛΟΓΩΝ	10
ΠΕ/ΤΕ ΚΟΙΝΩΝΙΚΟΙ ΛΕΙΤΟΥΡΓΟΙ	14
ΤΕ ΕΡΓΑΣΙΟΘΕΡΑΠΕΥΤΗΣ	1
ΤΕ ΦΥΣΙΟΘΕΡΑΠΕΥΤΗΣ	1
ΥΕ ΒΟΗΘ. ΕΡΓΑΣΙΩΝ ΚΑΘΑΡΙΟΤΗΤΑΣ 15
ΥΕ ΤΡΑΠΕΖΟΚΟΜΟΣ	3
ΡΕΘΥΜΝΗΣ
ΔΕ ΕΙΔΙΚΟ ΒΟΗΘΗΤΙΚΟ ΠΡΟΣΩΠΙΚΟ 8
ΔΕ ΕΠΙΣΤΑΤΗΣ/ΕΠΙΣΤΑΤΡΙΑ	6
ΠΕ ΨΥΧΟΛΟΓΩΝ	8
ΠΕ/ΤΕ ΘΕΡΑΠΕΥΤΗΣ ΛΟΓΟΥ	1
ΠΕ/ΤΕ ΚΟΙΝΩΝΙΚΟΙ ΛΕΙΤΟΥΡΓΟΙ	9
ΠΕ/ΤΕ ΣΧΟΛΙΚΟΣ ΝΟΣΗΛΕΥΤΗΣ	1
ΤΕ ΕΡΓΑΣΙΟΘΕΡΑΠΕΥΤΗΣ	1
ΤΕ ΦΥΣΙΟΘΕΡΑΠΕΥΤΗΣ	1
ΥΕ ΒΟΗΘ. ΕΡΓΑΣΙΩΝ ΚΑΘΑΡΙΟΤΗΤΑΣ 16
ΥΕ ΤΡΑΠΕΖΟΚΟΜΟΣ	6
ΡΟΔΟΠΗΣ
ΔΕ ΕΠΙΣΤΑΤΗΣ/ΕΠΙΣΤΑΤΡΙΑ	1
ΠΕ ΨΥΧΟΛΟΓΩΝ	1
ΠΕ/ΤΕ ΚΟΙΝΩΝΙΚΟΙ ΛΕΙΤΟΥΡΓΟΙ	1
ΥΕ ΒΟΗΘ. ΕΡΓΑΣΙΩΝ ΚΑΘΑΡΙΟΤΗΤΑΣ 1
ΔΕ ΕΙΔΙΚΟ ΒΟΗΘΗΤΙΚΟ ΠΡΟΣΩΠΙΚΟ 10
ΔΕ ΕΠΙΣΤΑΤΗΣ/ΕΠΙΣΤΑΤΡΙΑ	9
ΔΕ ΟΔΗΓΟΣ ΣΧΟΛΙΚΩΝ ΛΕΩΦΟΡΕΙΩΝ 2
ΔΕ ΣΥΝΟΔΟΣ ΣΧΟΛΙΚΩΝ ΛΕΩΦΟΡΕΙΩΝ 2
ΠΕ ΨΥΧΟΛΟΓΩΝ	10
ΠΕ/ΤΕ ΘΕΡΑΠΕΥΤΗΣ ΛΟΓΟΥ	1
ΠΕ/ΤΕ ΚΟΙΝΩΝΙΚΟΙ ΛΕΙΤΟΥΡΓΟΙ	14
ΤΕ ΕΡΓΑΣΙΟΘΕΡΑΠΕΥΤΗΣ	1
ΤΕ ΦΥΣΙΟΘΕΡΑΠΕΥΤΗΣ	1
ΥΕ ΒΟΗΘ. ΕΡΓΑΣΙΩΝ ΚΑΘΑΡΙΟΤΗΤΑΣ 21
ΥΕ ΤΡΑΠΕΖΟΚΟΜΟΣ	7
ΡΟΔΟΥ
ΔΕ ΕΙΔΙΚΟ ΒΟΗΘΗΤΙΚΟ ΠΡΟΣΩΠΙΚΟ 13
ΔΕ ΕΠΙΣΤΑΤΗΣ/ΕΠΙΣΤΑΤΡΙΑ	11
ΔΕ ΟΔΗΓΟΣ ΣΧΟΛΙΚΩΝ ΛΕΩΦΟΡΕΙΩΝ 1
ΔΕ ΣΥΝΟΔΟΣ ΣΧΟΛΙΚΩΝ ΛΕΩΦΟΡΕΙΩΝ 1
ΠΕ ΨΥΧΟΛΟΓΩΝ	6
ΠΕ/ΤΕ ΘΕΡΑΠΕΥΤΗΣ ΛΟΓΟΥ	2
ΠΕ/ΤΕ ΚΟΙΝΩΝΙΚΟΙ ΛΕΙΤΟΥΡΓΟΙ	7
ΠΕ/ΤΕ ΣΧΟΛΙΚΟΣ ΝΟΣΗΛΕΥΤΗΣ	2
ΤΕ ΕΡΓΑΣΙΟΘΕΡΑΠΕΥΤΗΣ	2
ΤΕ ΦΥΣΙΟΘΕΡΑΠΕΥΤΗΣ	1
ΥΕ ΒΟΗΘ. ΕΡΓΑΣΙΩΝ ΚΑΘΑΡΙΟΤΗΤΑΣ 17
ΥΕ ΤΡΑΠΕΖΟΚΟΜΟΣ	3
Συνέχεια στην επόμενη σελίδα →
